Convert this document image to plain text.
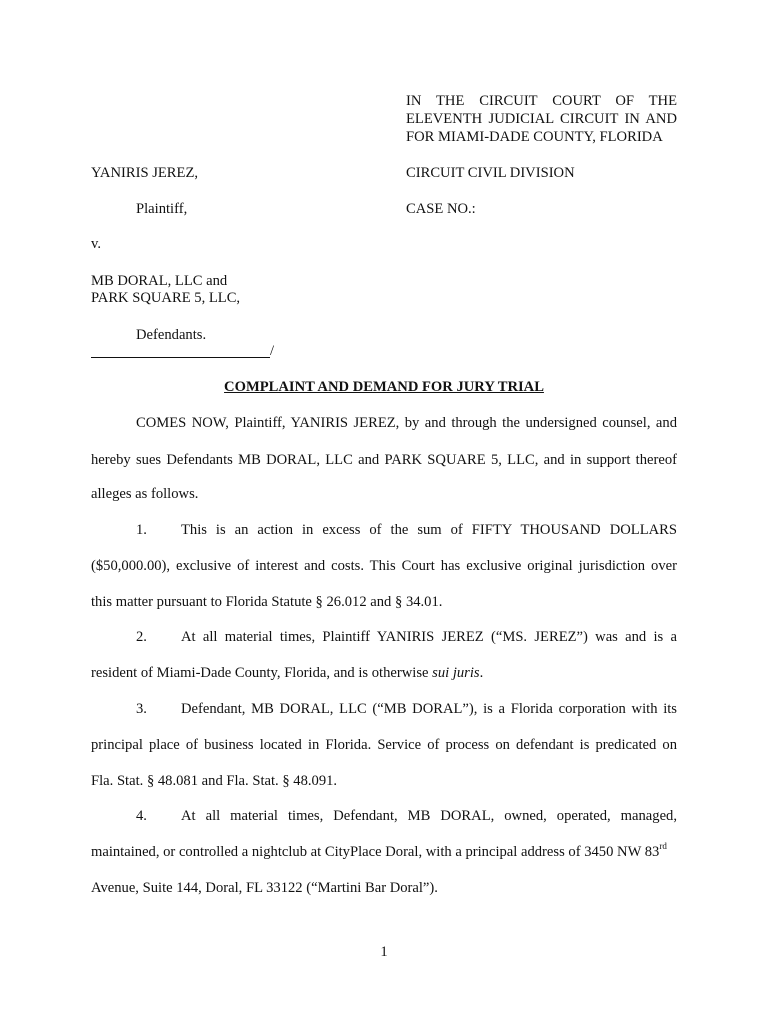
IN THE CIRCUIT COURT OF THE
ELEVENTH JUDICIAL CIRCUIT IN AND
FOR MIAMI-DADE COUNTY, FLORIDA
CIRCUIT CIVIL DIVISION
CASE NO.:
YANIRIS JEREZ,
Plaintiff,
v.
MB DORAL, LLC and
PARK SQUARE 5, LLC,
Defendants.
/
COMPLAINT AND DEMAND FOR JURY TRIAL
COMES NOW, Plaintiff, YANIRIS JEREZ, by and through the undersigned counsel, and
hereby sues Defendants MB DORAL, LLC and PARK SQUARE 5, LLC, and in support thereof
alleges as follows.
1. This is an action in excess of the sum of FIFTY THOUSAND DOLLARS
($50,000.00), exclusive of interest and costs. This Court has exclusive original jurisdiction over
this matter pursuant to Florida Statute § 26.012 and § 34.01.
2. At all material times, Plaintiff YANIRIS JEREZ (“MS. JEREZ”) was and is a
resident of Miami-Dade County, Florida, and is otherwise sui juris.
3. Defendant, MB DORAL, LLC (“MB DORAL”), is a Florida corporation with its
principal place of business located in Florida. Service of process on defendant is predicated on
Fla. Stat. § 48.081 and Fla. Stat. § 48.091.
4. At all material times, Defendant, MB DORAL, owned, operated, managed,
maintained, or controlled a nightclub at CityPlace Doral, with a principal address of 3450 NW 83rd
Avenue, Suite 144, Doral, FL 33122 (“Martini Bar Doral”).
1
